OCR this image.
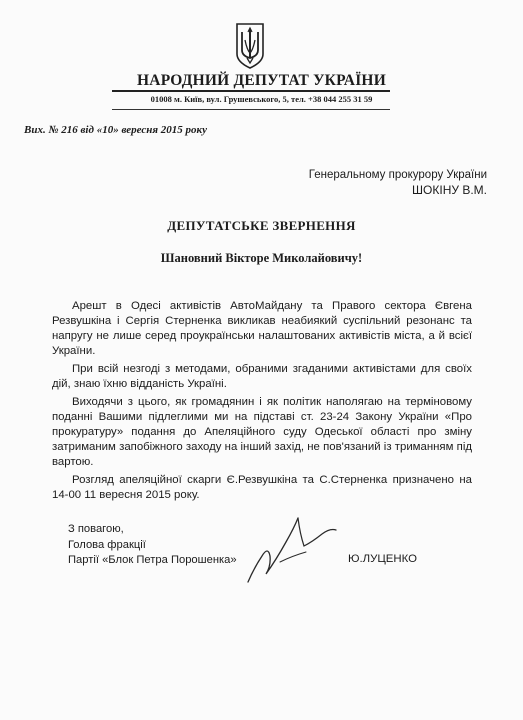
НАРОДНИЙ ДЕПУТАТ УКРАЇНИ
01008 м. Київ, вул. Грушевського, 5, тел. +38 044 255 31 59
Вих. № 216 від «10» вересня 2015 року
Генеральному прокурору України
ШОКІНУ В.М.
ДЕПУТАТСЬКЕ ЗВЕРНЕННЯ
Шановний Вікторе Миколайовичу!

Арешт в Одесі активістів АвтоМайдану та Правого сектора Євгена Резвушкіна і Сергія Стерненка викликав неабиякий суспільний резонанс та напругу не лише серед проукраїнськи налаштованих активістів міста, а й всієї України.

При всій незгоді з методами, обраними згаданими активістами для своїх дій, знаю їхню відданість Україні.

Виходячи з цього, як громадянин і як політик наполягаю на терміновому поданні Вашими підлеглими ми на підставі ст. 23-24 Закону України «Про прокуратуру» подання до Апеляційного суду Одеської області про зміну затриманим запобіжного заходу на інший захід, не пов'язаний із триманням під вартою.

Розгляд апеляційної скарги Є.Резвушкіна та С.Стерненка призначено на 14-00 11 вересня 2015 року.

З повагою,
Голова фракції
Партії «Блок Петра Порошенка»	Ю.ЛУЦЕНКО
